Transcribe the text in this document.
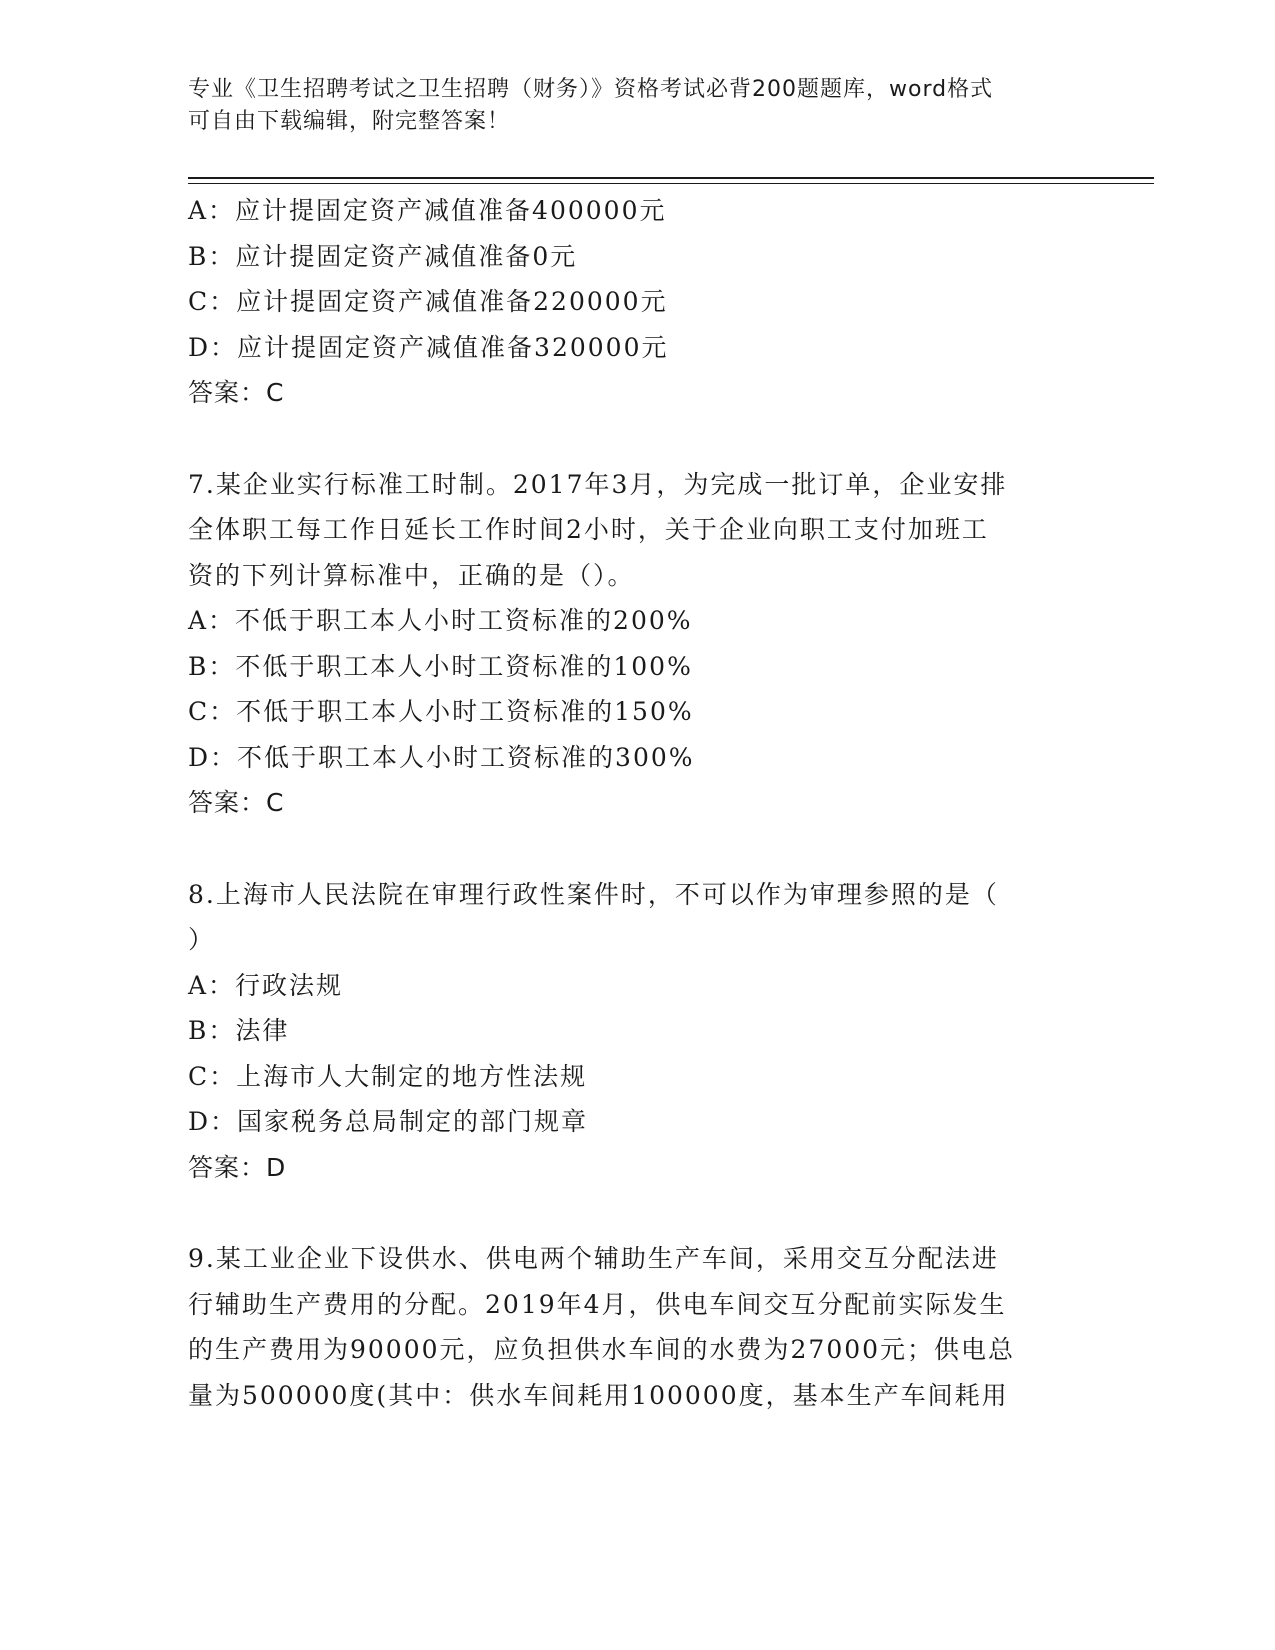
专业《卫生招聘考试之卫生招聘（财务）》资格考试必背200题题库，word格式
可自由下载编辑，附完整答案！
A：应计提固定资产减值准备400000元
B：应计提固定资产减值准备0元
C：应计提固定资产减值准备220000元
D：应计提固定资产减值准备320000元
答案：C
7.某企业实行标准工时制。2017年3月，为完成一批订单，企业安排
全体职工每工作日延长工作时间2小时，关于企业向职工支付加班工
资的下列计算标准中，正确的是（）。
A：不低于职工本人小时工资标准的200%
B：不低于职工本人小时工资标准的100%
C：不低于职工本人小时工资标准的150%
D：不低于职工本人小时工资标准的300%
答案：C
8.上海市人民法院在审理行政性案件时，不可以作为审理参照的是（
）
A：行政法规
B：法律
C：上海市人大制定的地方性法规
D：国家税务总局制定的部门规章
答案：D
9.某工业企业下设供水、供电两个辅助生产车间，采用交互分配法进
行辅助生产费用的分配。2019年4月，供电车间交互分配前实际发生
的生产费用为90000元，应负担供水车间的水费为27000元；供电总
量为500000度(其中：供水车间耗用100000度，基本生产车间耗用
